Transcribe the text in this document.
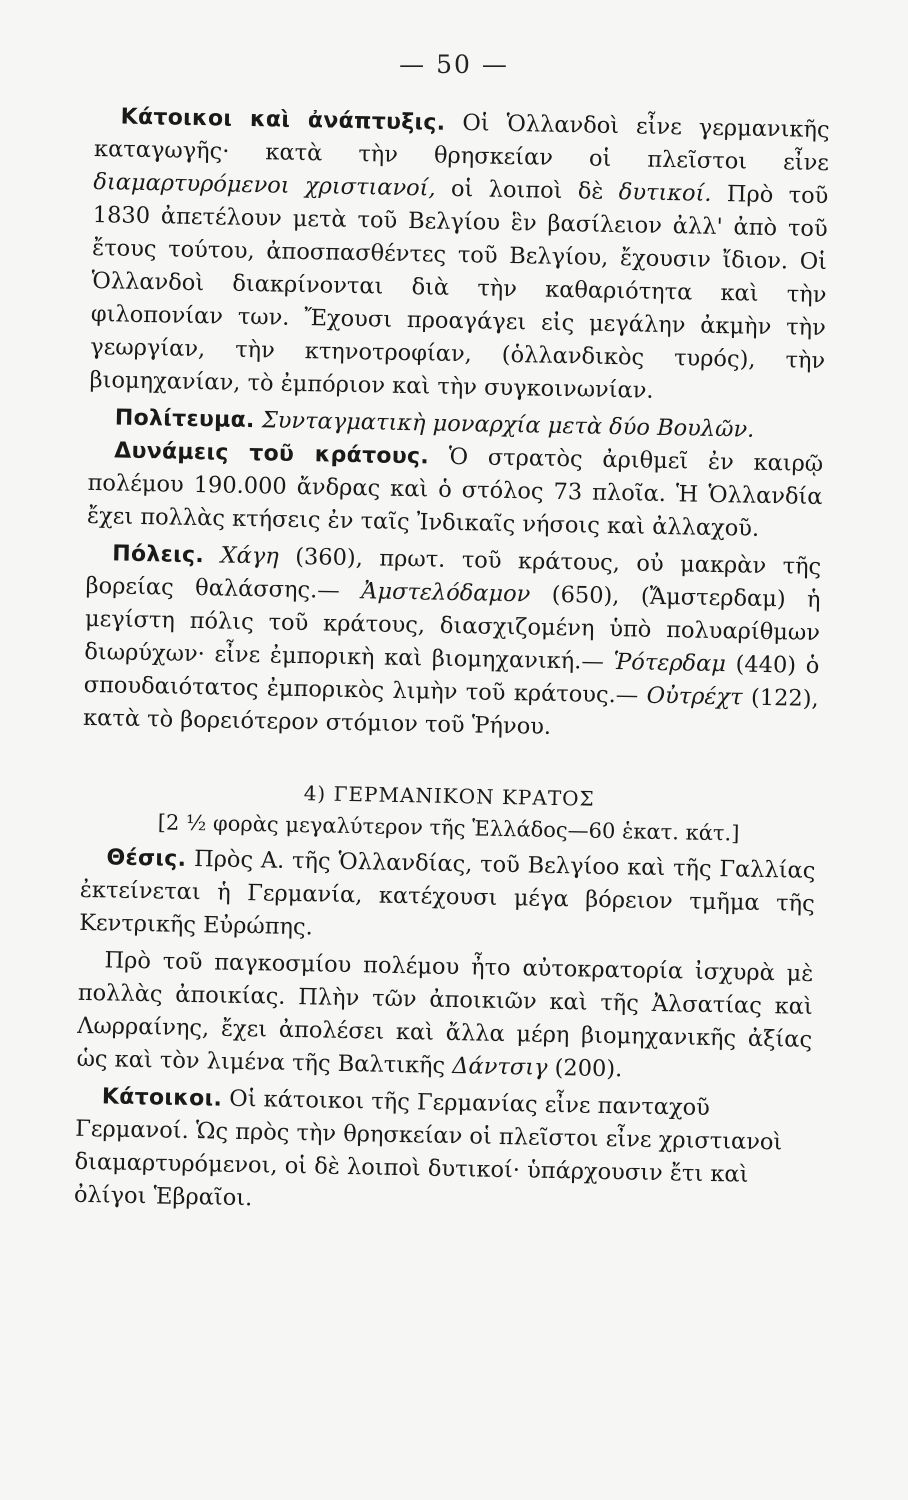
— 50 —

Κάτοικοι καὶ ἀνάπτυξις. Οἱ Ὁλλανδοὶ εἶνε γερμανικῆς καταγωγῆς· κατὰ τὴν θρησκείαν οἱ πλεῖστοι εἶνε διαμαρτυρόμενοι χριστιανοί, οἱ λοιποὶ δὲ δυτικοί. Πρὸ τοῦ 1830 ἀπετέλουν μετὰ τοῦ Βελγίου ἓν βασίλειον ἀλλ' ἀπὸ τοῦ ἔτους τούτου, ἀποσπασθέντες τοῦ Βελγίου, ἔχουσιν ἴδιον. Οἱ Ὁλλανδοὶ διακρίνονται διὰ τὴν καθαριότητα καὶ τὴν φιλοπονίαν των. Ἔχουσι προαγάγει εἰς μεγάλην ἀκμὴν τὴν γεωργίαν, τὴν κτηνοτροφίαν, (ὁλλανδικὸς τυρός), τὴν βιομηχανίαν, τὸ ἐμπόριον καὶ τὴν συγκοινωνίαν.

Πολίτευμα. Συνταγματικὴ μοναρχία μετὰ δύο Βουλῶν.

Δυνάμεις τοῦ κράτους. Ὁ στρατὸς ἀριθμεῖ ἐν καιρῷ πολέμου 190.000 ἄνδρας καὶ ὁ στόλος 73 πλοῖα. Ἡ Ὁλλανδία ἔχει πολλὰς κτήσεις ἐν ταῖς Ἰνδικαῖς νήσοις καὶ ἀλλαχοῦ.

Πόλεις. Χάγη (360), πρωτ. τοῦ κράτους, οὐ μακρὰν τῆς βορείας θαλάσσης.— Ἀμστελόδαμον (650), (Ἄμστερδαμ) ἡ μεγίστη πόλις τοῦ κράτους, διασχιζομένη ὑπὸ πολυαρίθμων διωρύχων· εἶνε ἐμπορικὴ καὶ βιομηχανική.— Ῥότερδαμ (440) ὁ σπουδαιότατος ἐμπορικὸς λιμὴν τοῦ κράτους.— Οὐτρέχτ (122), κατὰ τὸ βορειότερον στόμιον τοῦ Ῥήνου.

4) ΓΕΡΜΑΝΙΚΟΝ ΚΡΑΤΟΣ

[2 ½ φορὰς μεγαλύτερον τῆς Ἑλλάδος—60 ἑκατ. κάτ.]

Θέσις. Πρὸς Α. τῆς Ὁλλανδίας, τοῦ Βελγίοο καὶ τῆς Γαλλίας ἐκτείνεται ἡ Γερμανία, κατέχουσι μέγα βόρειον τμῆμα τῆς Κεντρικῆς Εὐρώπης.

Πρὸ τοῦ παγκοσμίου πολέμου ἦτο αὐτοκρατορία ἰσχυρὰ μὲ πολλὰς ἀποικίας. Πλὴν τῶν ἀποικιῶν καὶ τῆς Ἀλσατίας καὶ Λωρραίνης, ἔχει ἀπολέσει καὶ ἄλλα μέρη βιομηχανικῆς ἀξίας ὡς καὶ τὸν λιμένα τῆς Βαλτικῆς Δάντσιγ (200).

Κάτοικοι. Οἱ κάτοικοι τῆς Γερμανίας εἶνε πανταχοῦ Γερμανοί. Ὡς πρὸς τὴν θρησκείαν οἱ πλεῖστοι εἶνε χριστιανοὶ διαμαρτυρόμενοι, οἱ δὲ λοιποὶ δυτικοί· ὑπάρχουσιν ἔτι καὶ ὀλίγοι Ἑβραῖοι.
